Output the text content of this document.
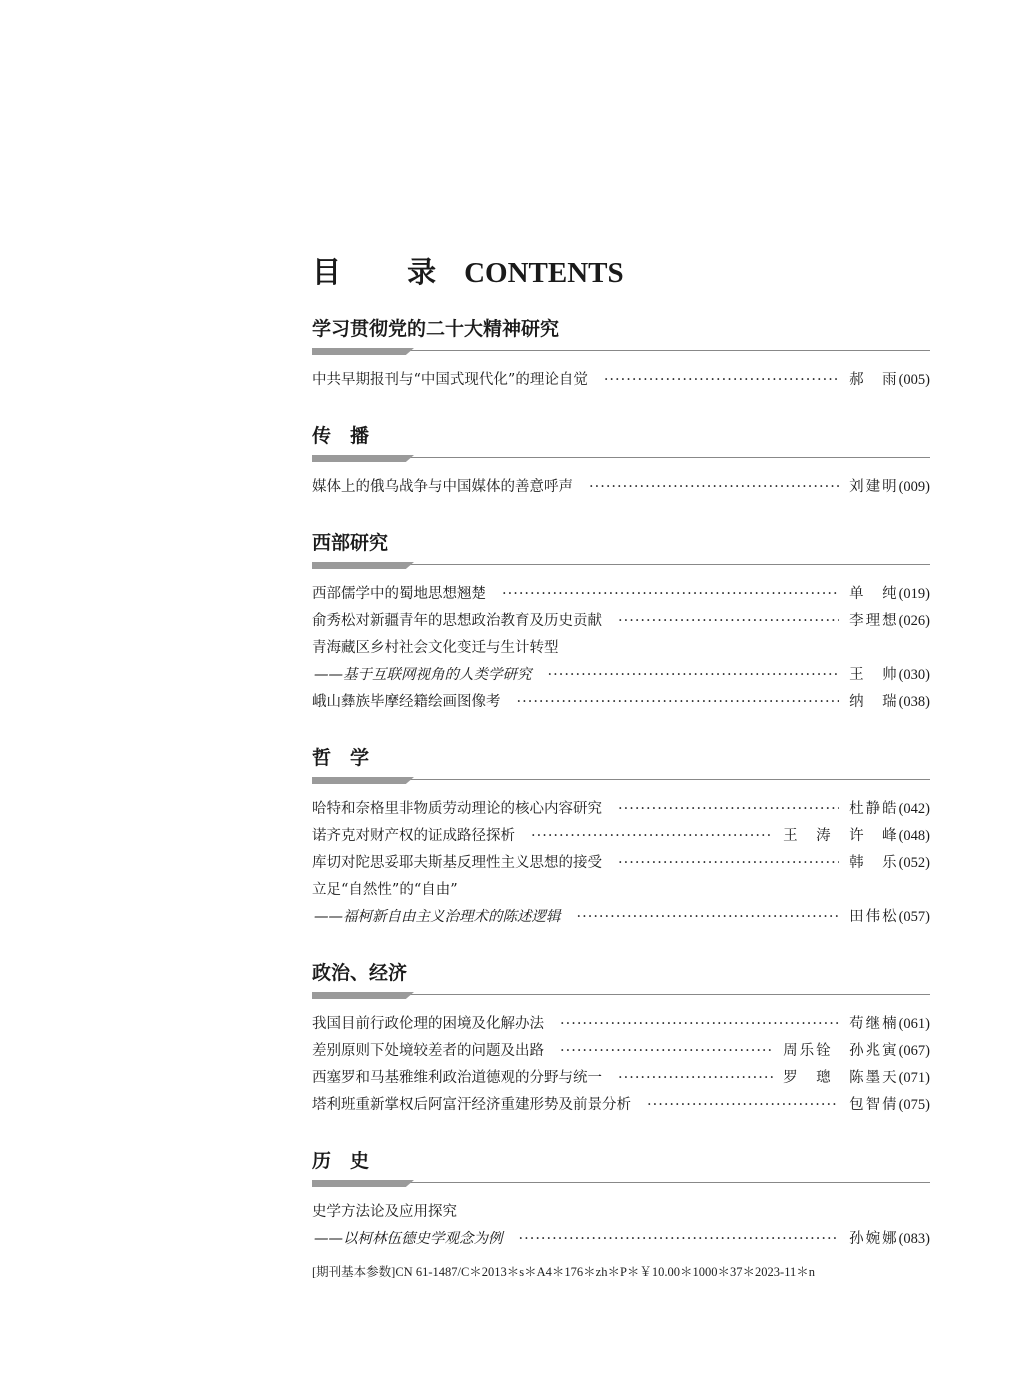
目 录CONTENTS
学习贯彻党的二十大精神研究
中共早期报刊与“中国式现代化”的理论自觉 ·····	郝　雨 (005)
传　播
媒体上的俄乌战争与中国媒体的善意呼声 ·····	刘建明 (009)
西部研究
西部儒学中的蜀地思想翘楚 ·····	单　纯 (019)
俞秀松对新疆青年的思想政治教育及历史贡献 ·····	李理想 (026)
青海藏区乡村社会文化变迁与生计转型
——基于互联网视角的人类学研究 ·····	王　帅 (030)
峨山彝族毕摩经籍绘画图像考 ·····	纳　瑞 (038)
哲　学
哈特和奈格里非物质劳动理论的核心内容研究 ·····	杜静皓 (042)
诺齐克对财产权的证成路径探析 ·····	王　涛　许　峰 (048)
库切对陀思妥耶夫斯基反理性主义思想的接受 ·····	韩　乐 (052)
立足“自然性”的“自由”
——福柯新自由主义治理术的陈述逻辑 ·····	田伟松 (057)
政治、经济
我国目前行政伦理的困境及化解办法 ·····	苟继楠 (061)
差别原则下处境较差者的问题及出路 ·····	周乐铨　孙兆寅 (067)
西塞罗和马基雅维利政治道德观的分野与统一 ·····	罗　璁　陈墨天 (071)
塔利班重新掌权后阿富汗经济重建形势及前景分析 ·····	包智倩 (075)
历　史
史学方法论及应用探究
——以柯林伍德史学观念为例 ·····	孙婉娜 (083)
[期刊基本参数]CN 61-1487/C＊2013＊s＊A4＊176＊zh＊P＊￥10.00＊1000＊37＊2023-11＊n
